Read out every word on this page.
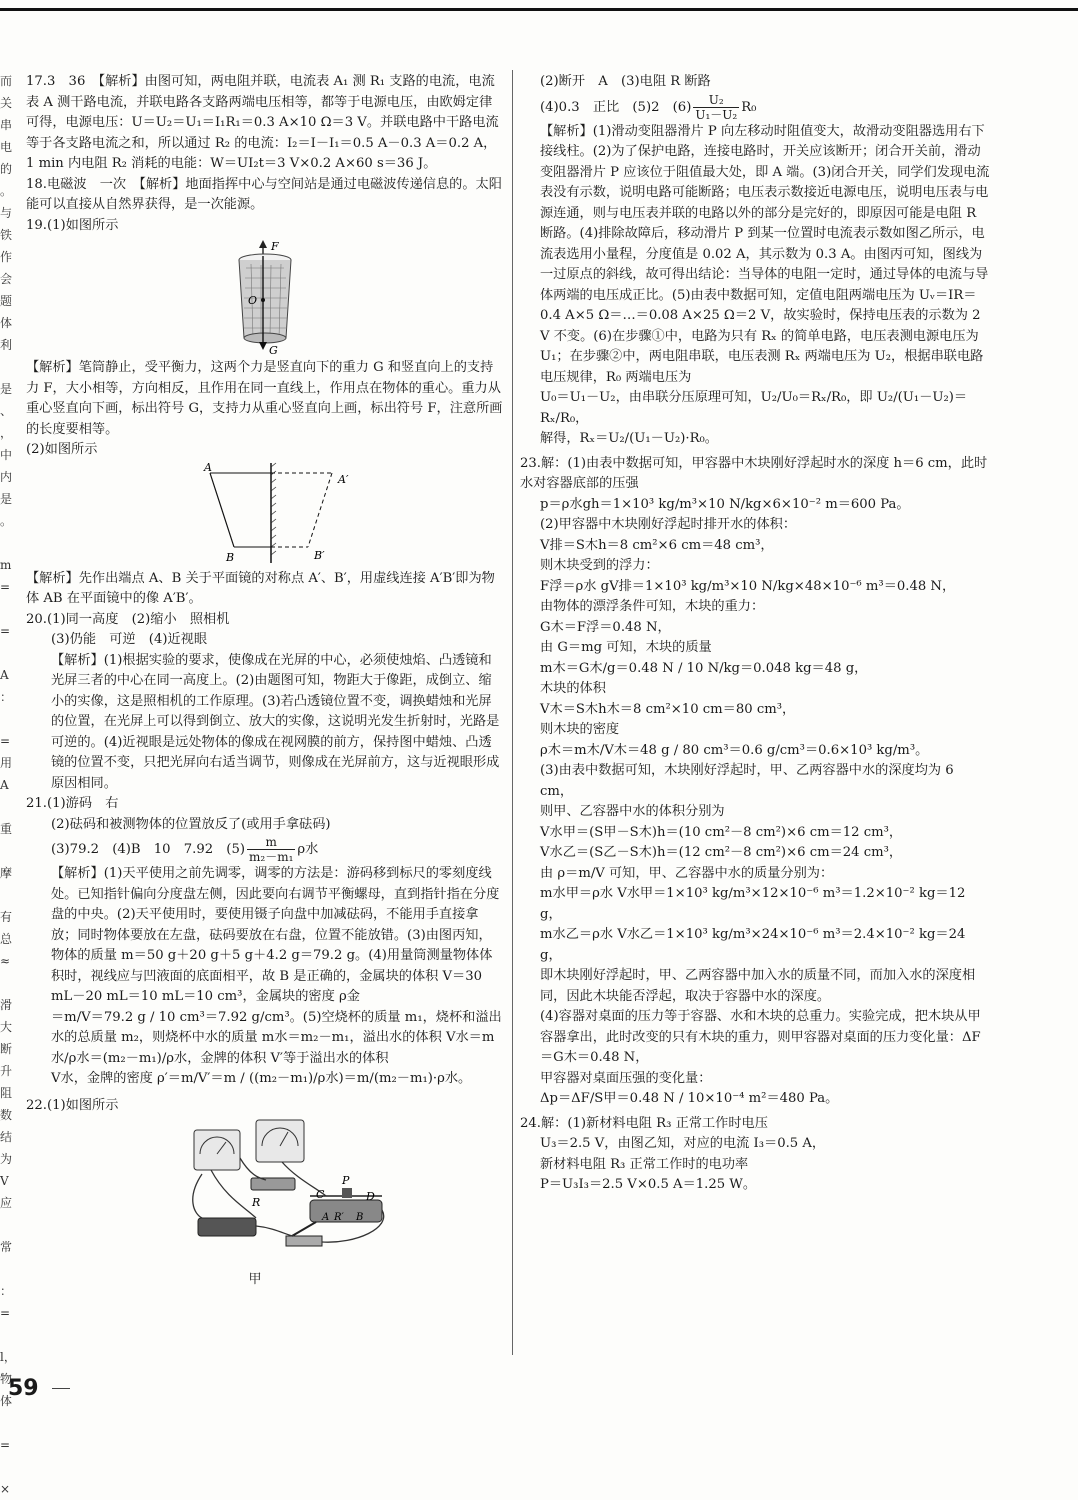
而
关
串
电
的
。
与
铁
作
会
题
体
利
是
、
，
中
内
是
。
m
=
=
A
：
=
用
A
重
摩
有
总
≈
滑
大
断
升
阻
数
结
为
V
应
常
：
=
l，
物
体
=
×

17.3　36　【解析】由图可知，两电阻并联，电流表 A₁ 测 R₁ 支路的电流，电流表 A 测干路电流，并联电路各支路两端电压相等，都等于电源电压，由欧姆定律可得，电源电压：U＝U₂＝U₁＝I₁R₁＝0.3 A×10 Ω＝3 V。并联电路中干路电流等于各支路电流之和，所以通过 R₂ 的电流：I₂＝I－I₁＝0.5 A－0.3 A＝0.2 A，1 min 内电阻 R₂ 消耗的电能：W＝UI₂t＝3 V×0.2 A×60 s＝36 J。

18.电磁波　一次　【解析】地面指挥中心与空间站是通过电磁波传递信息的。太阳能可以直接从自然界获得，是一次能源。

19.(1)如图所示

F
O
G

【解析】笔筒静止，受平衡力，这两个力是竖直向下的重力 G 和竖直向上的支持力 F，大小相等，方向相反，且作用在同一直线上，作用点在物体的重心。重力从重心竖直向下画，标出符号 G，支持力从重心竖直向上画，标出符号 F，注意所画的长度要相等。

(2)如图所示

A
A′
B	B′

【解析】先作出端点 A、B 关于平面镜的对称点 A′、B′，用虚线连接 A′B′即为物体 AB 在平面镜中的像 A′B′。

20.(1)同一高度　(2)缩小　照相机

(3)仍能　可逆　(4)近视眼

【解析】(1)根据实验的要求，使像成在光屏的中心，必须使烛焰、凸透镜和光屏三者的中心在同一高度上。(2)由题图可知，物距大于像距，成倒立、缩小的实像，这是照相机的工作原理。(3)若凸透镜位置不变，调换蜡烛和光屏的位置，在光屏上可以得到倒立、放大的实像，这说明光发生折射时，光路是可逆的。(4)近视眼是远处物体的像成在视网膜的前方，保持图中蜡烛、凸透镜的位置不变，只把光屏向右适当调节，则像成在光屏前方，这与近视眼形成原因相同。

21.(1)游码　右

(2)砝码和被测物体的位置放反了(或用手拿砝码)

(3)79.2　(4)B　10　7.92　$(5) \frac{m}{\text{m₂－m₁}}$ ρ水

【解析】(1)天平使用之前先调零，调零的方法是：游码移到标尺的零刻度线处。已知指针偏向分度盘左侧，因此要向右调节平衡螺母，直到指针指在分度盘的中央。(2)天平使用时，要使用镊子向盘中加减砝码，不能用手直接拿放；同时物体要放在左盘，砝码要放在右盘，位置不能放错。(3)由图丙知，物体的质量 m＝50 g＋20 g＋5 g＋4.2 g＝79.2 g。(4)用量筒测量物体体积时，视线应与凹液面的底面相平，故 B 是正确的，金属块的体积 V＝30 mL－20 mL＝10 mL＝10 cm³，金属块的密度 ρ金

＝m/V＝79.2 g / 10 cm³＝7.92 g/cm³。(5)空烧杯的质量 m₁，烧杯和溢出水的总质量 m₂，则烧杯中水的质量 m水＝m₂－m₁，溢出水的体积 V水＝m水/ρ水＝(m₂－m₁)/ρ水，金牌的体积 V′等于溢出水的体积

V水，金牌的密度 ρ′＝m/V′＝m / ((m₂－m₁)/ρ水)＝m/(m₂－m₁)·ρ水。

22.(1)如图所示

R
C
P
D
A R′ B
甲

(2)断开　A　(3)电阻 R 断路

(4)0.3　正比　(5)2　$(6) \frac{\text{U₂}}{\text{U₁－U₂}} R_0$

【解析】(1)滑动变阻器滑片 P 向左移动时阻值变大，故滑动变阻器选用右下接线柱。(2)为了保护电路，连接电路时，开关应该断开；闭合开关前，滑动变阻器滑片 P 应该位于阻值最大处，即 A 端。(3)闭合开关，同学们发现电流表没有示数，说明电路可能断路；电压表示数接近电源电压，说明电压表与电源连通，则与电压表并联的电路以外的部分是完好的，即原因可能是电阻 R 断路。(4)排除故障后，移动滑片 P 到某一位置时电流表示数如图乙所示，电流表选用小量程，分度值是 0.02 A，其示数为 0.3 A。由图丙可知，图线为一过原点的斜线，故可得出结论：当导体的电阻一定时，通过导体的电流与导体两端的电压成正比。(5)由表中数据可知，定值电阻两端电压为 Uᵥ＝IR＝0.4 A×5 Ω＝…＝0.08 A×25 Ω＝2 V，故实验时，保持电压表的示数为 2 V 不变。(6)在步骤①中，电路为只有 Rₓ 的简单电路，电压表测电源电压为 U₁；在步骤②中，两电阻串联，电压表测 Rₓ 两端电压为 U₂，根据串联电路电压规律，R₀ 两端电压为

U₀＝U₁－U₂，由串联分压原理可知，U₂/U₀＝Rₓ/R₀，即 U₂/(U₁－U₂)＝Rₓ/R₀，

解得，Rₓ＝U₂/(U₁－U₂)·R₀。

23.解：(1)由表中数据可知，甲容器中木块刚好浮起时水的深度 h＝6 cm，此时水对容器底部的压强

p＝ρ水gh＝1×10³ kg/m³×10 N/kg×6×10⁻² m＝600 Pa。

(2)甲容器中木块刚好浮起时排开水的体积：

V排＝S木h＝8 cm²×6 cm＝48 cm³，

则木块受到的浮力：

F浮＝ρ水 gV排＝1×10³ kg/m³×10 N/kg×48×10⁻⁶ m³＝0.48 N，

由物体的漂浮条件可知，木块的重力：

G木＝F浮＝0.48 N，

由 G＝mg 可知，木块的质量

m木＝G木/g＝0.48 N / 10 N/kg＝0.048 kg＝48 g，

木块的体积

V木＝S木h木＝8 cm²×10 cm＝80 cm³，

则木块的密度

ρ木＝m木/V木＝48 g / 80 cm³＝0.6 g/cm³＝0.6×10³ kg/m³。

(3)由表中数据可知，木块刚好浮起时，甲、乙两容器中水的深度均为 6 cm，

则甲、乙容器中水的体积分别为

V水甲＝(S甲－S木)h＝(10 cm²－8 cm²)×6 cm＝12 cm³，

V水乙＝(S乙－S木)h＝(12 cm²－8 cm²)×6 cm＝24 cm³，

由 ρ＝m/V 可知，甲、乙容器中水的质量分别为：

m水甲＝ρ水 V水甲＝1×10³ kg/m³×12×10⁻⁶ m³＝1.2×10⁻² kg＝12 g，

m水乙＝ρ水 V水乙＝1×10³ kg/m³×24×10⁻⁶ m³＝2.4×10⁻² kg＝24 g，

即木块刚好浮起时，甲、乙两容器中加入水的质量不同，而加入水的深度相同，因此木块能否浮起，取决于容器中水的深度。

(4)容器对桌面的压力等于容器、水和木块的总重力。实验完成，把木块从甲容器拿出，此时改变的只有木块的重力，则甲容器对桌面的压力变化量：ΔF＝G木＝0.48 N，

甲容器对桌面压强的变化量：

Δp＝ΔF/S甲＝0.48 N / 10×10⁻⁴ m²＝480 Pa。

24.解：(1)新材料电阻 R₃ 正常工作时电压

U₃＝2.5 V，由图乙知，对应的电流 I₃＝0.5 A，

新材料电阻 R₃ 正常工作时的电功率

P＝U₃I₃＝2.5 V×0.5 A＝1.25 W。

59
